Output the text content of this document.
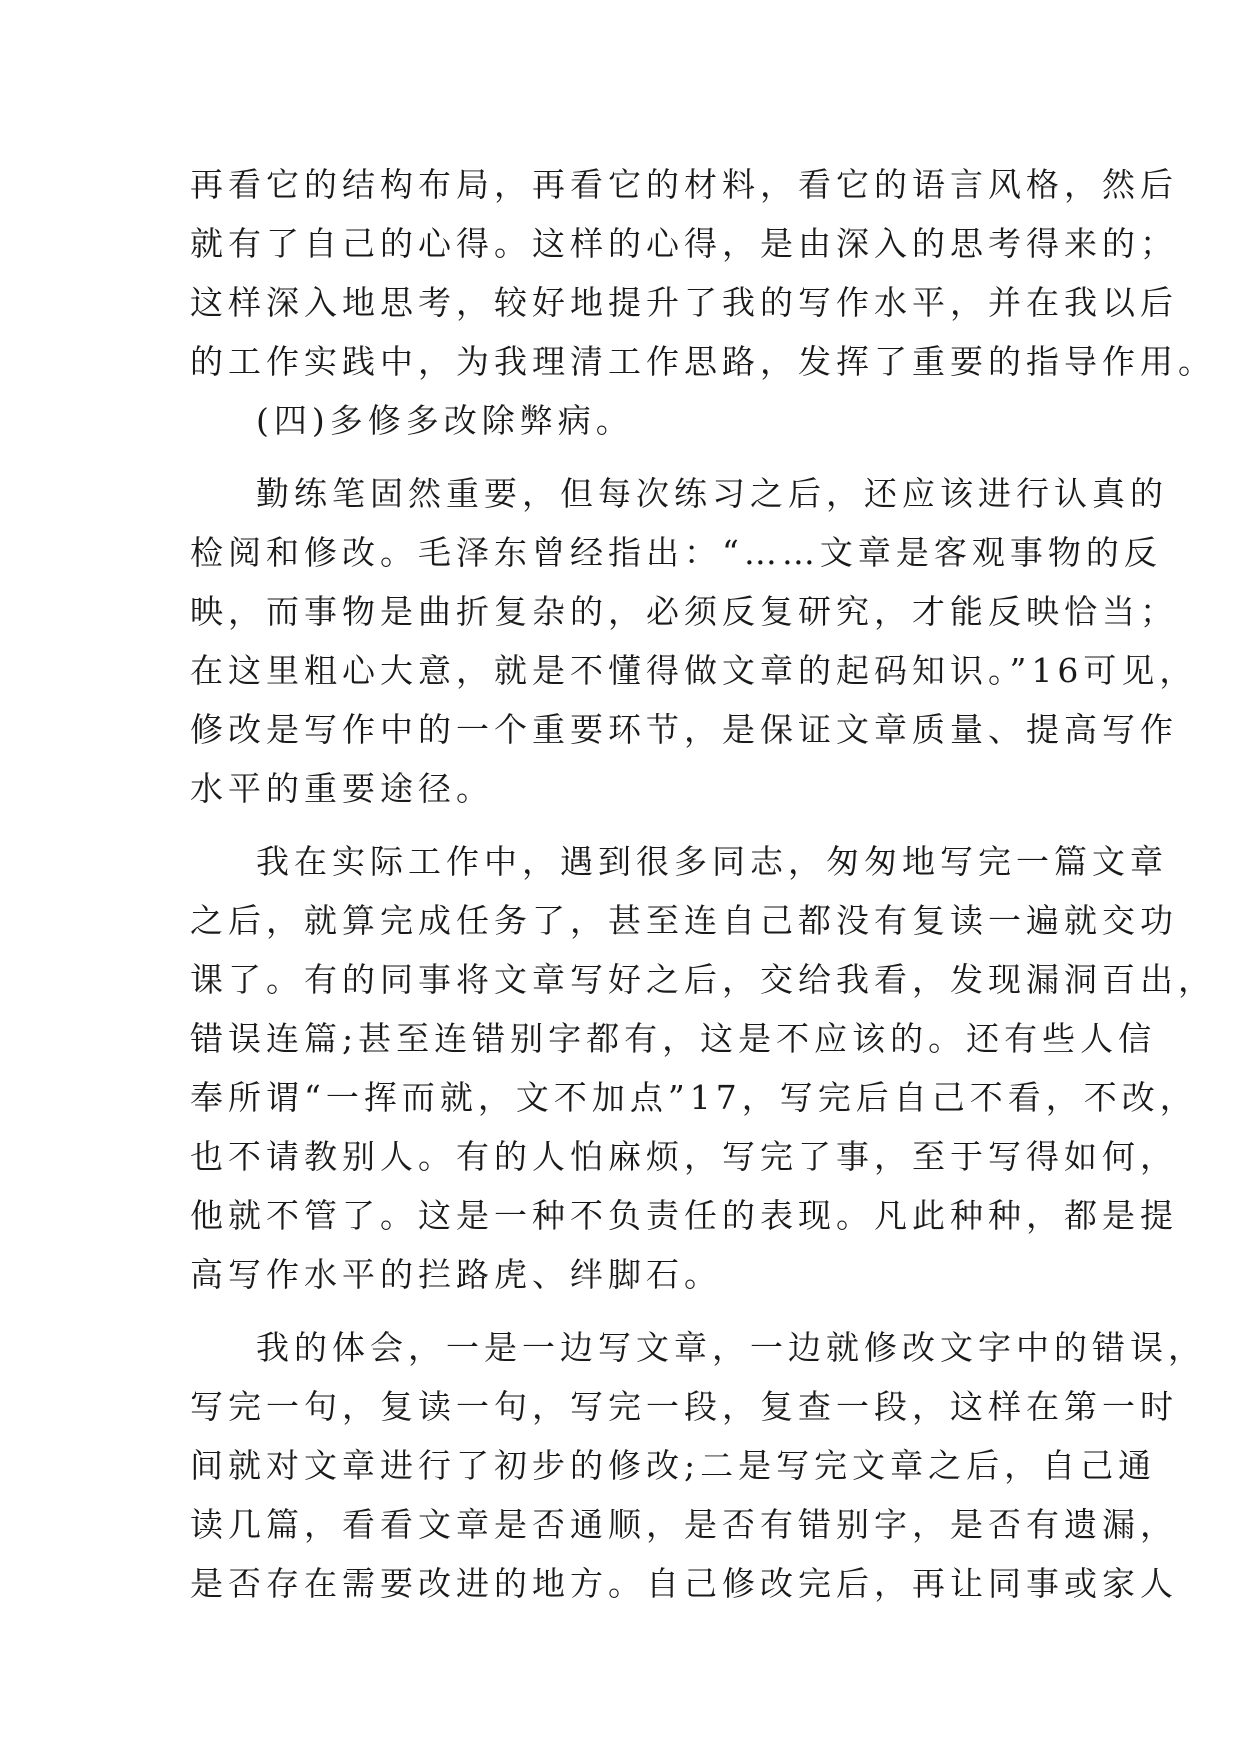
再看它的结构布局，再看它的材料，看它的语言风格，然后
就有了自己的心得。这样的心得，是由深入的思考得来的；
这样深入地思考，较好地提升了我的写作水平，并在我以后
的工作实践中，为我理清工作思路，发挥了重要的指导作用。
(四)多修多改除弊病。
勤练笔固然重要，但每次练习之后，还应该进行认真的
检阅和修改。毛泽东曾经指出：“……文章是客观事物的反
映，而事物是曲折复杂的，必须反复研究，才能反映恰当；
在这里粗心大意，就是不懂得做文章的起码知识。”16可见，
修改是写作中的一个重要环节，是保证文章质量、提高写作
水平的重要途径。
我在实际工作中，遇到很多同志，匆匆地写完一篇文章
之后，就算完成任务了，甚至连自己都没有复读一遍就交功
课了。有的同事将文章写好之后，交给我看，发现漏洞百出，
错误连篇;甚至连错别字都有，这是不应该的。还有些人信
奉所谓“一挥而就，文不加点”17，写完后自己不看，不改，
也不请教别人。有的人怕麻烦，写完了事，至于写得如何，
他就不管了。这是一种不负责任的表现。凡此种种，都是提
高写作水平的拦路虎、绊脚石。
我的体会，一是一边写文章，一边就修改文字中的错误，
写完一句，复读一句，写完一段，复查一段，这样在第一时
间就对文章进行了初步的修改;二是写完文章之后，自己通
读几篇，看看文章是否通顺，是否有错别字，是否有遗漏，
是否存在需要改进的地方。自己修改完后，再让同事或家人
